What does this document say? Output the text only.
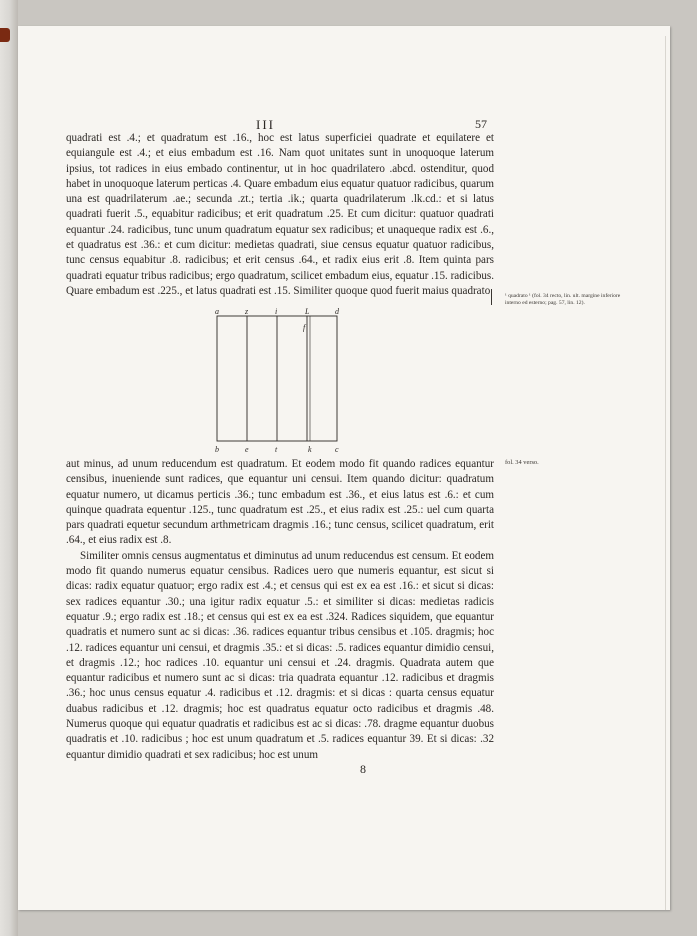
III	57

quadrati est .4.; et quadratum est .16., hoc est latus superficiei quadrate et equilatere et equiangule est .4.; et eius embadum est .16. Nam quot unitates sunt in unoquoque laterum ipsius, tot radices in eius embado continentur, ut in hoc quadrilatero .abcd. ostenditur, quod habet in unoquoque laterum perticas .4. Quare embadum eius equatur quatuor radicibus, quarum una est quadrilaterum .ae.; secunda .zt.; tertia .ik.; quarta quadrilaterum .lk.cd.: et si latus quadrati fuerit .5., equabitur radicibus; et erit quadratum .25. Et cum dicitur: quatuor quadrati equantur .24. radicibus, tunc unum quadratum equatur sex radicibus; et unaqueque radix est .6., et quadratus est .36.: et cum dicitur: medietas quadrati, siue census equatur quatuor radicibus, tunc census equabitur .8. radicibus; et erit census .64., et radix eius erit .8. Item quinta pars quadrati equatur tribus radicibus; ergo quadratum, scilicet embadum eius, equatur .15. radicibus. Quare embadum est .225., et latus quadrati est .15. Similiter quoque quod fuerit maius quadrato	¹ quadrato ¹ (fol. 34 recto, lin. ult. margine inferiore interno ed esterno; pag. 57, lin. 12).
a	z	i	L	d
b	e	t	k	c
f

aut minus, ad unum reducendum est quadratum. Et eodem modo fit quando radices equantur censibus, inueniende sunt radices, que equantur uni censui. Item quando dicitur: quadratum equatur numero, ut dicamus perticis .36.; tunc embadum est .36., et eius latus est .6.: et cum quinque quadrata equentur .125., tunc quadratum est .25., et eius radix est .25.: uel cum quarta pars quadrati equetur secundum arthmetricam dragmis .16.; tunc census, scilicet quadratum, erit .64., et eius radix est .8.

Similiter omnis census augmentatus et diminutus ad unum reducendus est censum. Et eodem modo fit quando numerus equatur censibus. Radices uero que numeris equantur, est sicut si dicas: radix equatur quatuor; ergo radix est .4.; et census qui est ex ea est .16.: et sicut si dicas: sex radices equantur .30.; una igitur radix equatur .5.: et similiter si dicas: medietas radicis equatur .9.; ergo radix est .18.; et census qui est ex ea est .324. Radices siquidem, que equantur quadratis et numero sunt ac si dicas: .36. radices equantur tribus censibus et .105. dragmis; hoc .12. radices equantur uni censui, et dragmis .35.: et si dicas: .5. radices equantur dimidio censui, et dragmis .12.; hoc radices .10. equantur uni censui et .24. dragmis. Quadrata autem que equantur radicibus et numero sunt ac si dicas: tria quadrata equantur .12. radicibus et dragmis .36.; hoc unus census equatur .4. radicibus et .12. dragmis: et si dicas : quarta census equatur duabus radicibus et .12. dragmis; hoc est quadratus equatur octo radicibus et dragmis .48. Numerus quoque qui equatur quadratis et radicibus est ac si dicas: .78. dragme equantur duobus quadratis et .10. radicibus ; hoc est unum quadratum et .5. radices equantur 39. Et si dicas: .32 equantur dimidio quadrati et sex radicibus; hoc est unum

fol. 34 verso.
8
